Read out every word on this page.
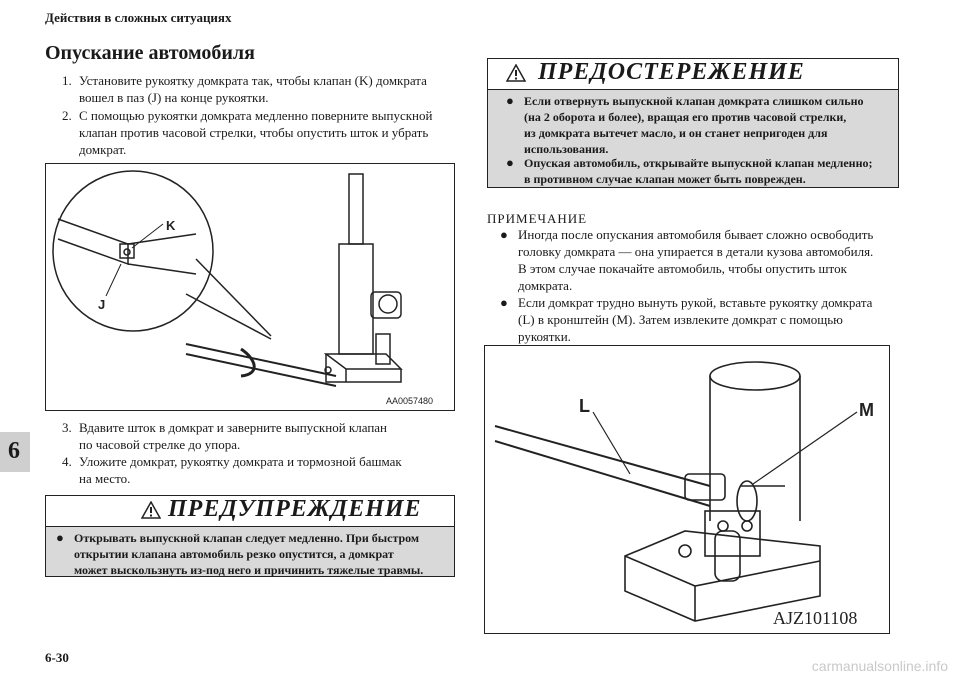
Действия в сложных ситуациях
Опускание автомобиля
1. Установите рукоятку домкрата так, чтобы клапан (K) домкрата
вошел в паз (J) на конце рукоятки.
2. С помощью рукоятки домкрата медленно поверните выпускной
клапан против часовой стрелки, чтобы опустить шток и убрать
домкрат.
K
J
AA0057480
3. Вдавите шток в домкрат и заверните выпускной клапан
по часовой стрелке до упора.
4. Уложите домкрат, рукоятку домкрата и тормозной башмак
на место.
ПРЕДУПРЕЖДЕНИЕ
● Открывать выпускной клапан следует медленно. При быстром
открытии клапана автомобиль резко опустится, а домкрат
может выскользнуть из-под него и причинить тяжелые травмы.
ПРЕДОСТЕРЕЖЕНИЕ
● Если отвернуть выпускной клапан домкрата слишком сильно
(на 2 оборота и более), вращая его против часовой стрелки,
из домкрата вытечет масло, и он станет непригоден для
использования.
● Опуская автомобиль, открывайте выпускной клапан медленно;
в противном случае клапан может быть поврежден.
ПРИМЕЧАНИЕ
● Иногда после опускания автомобиля бывает сложно освободить
головку домкрата — она упирается в детали кузова автомобиля.
В этом случае покачайте автомобиль, чтобы опустить шток
домкрата.
● Если домкрат трудно вынуть рукой, вставьте рукоятку домкрата
(L) в кронштейн (M). Затем извлеките домкрат с помощью
рукоятки.
L	M
AJZ101108
6
6-30
carmanualsonline.info
